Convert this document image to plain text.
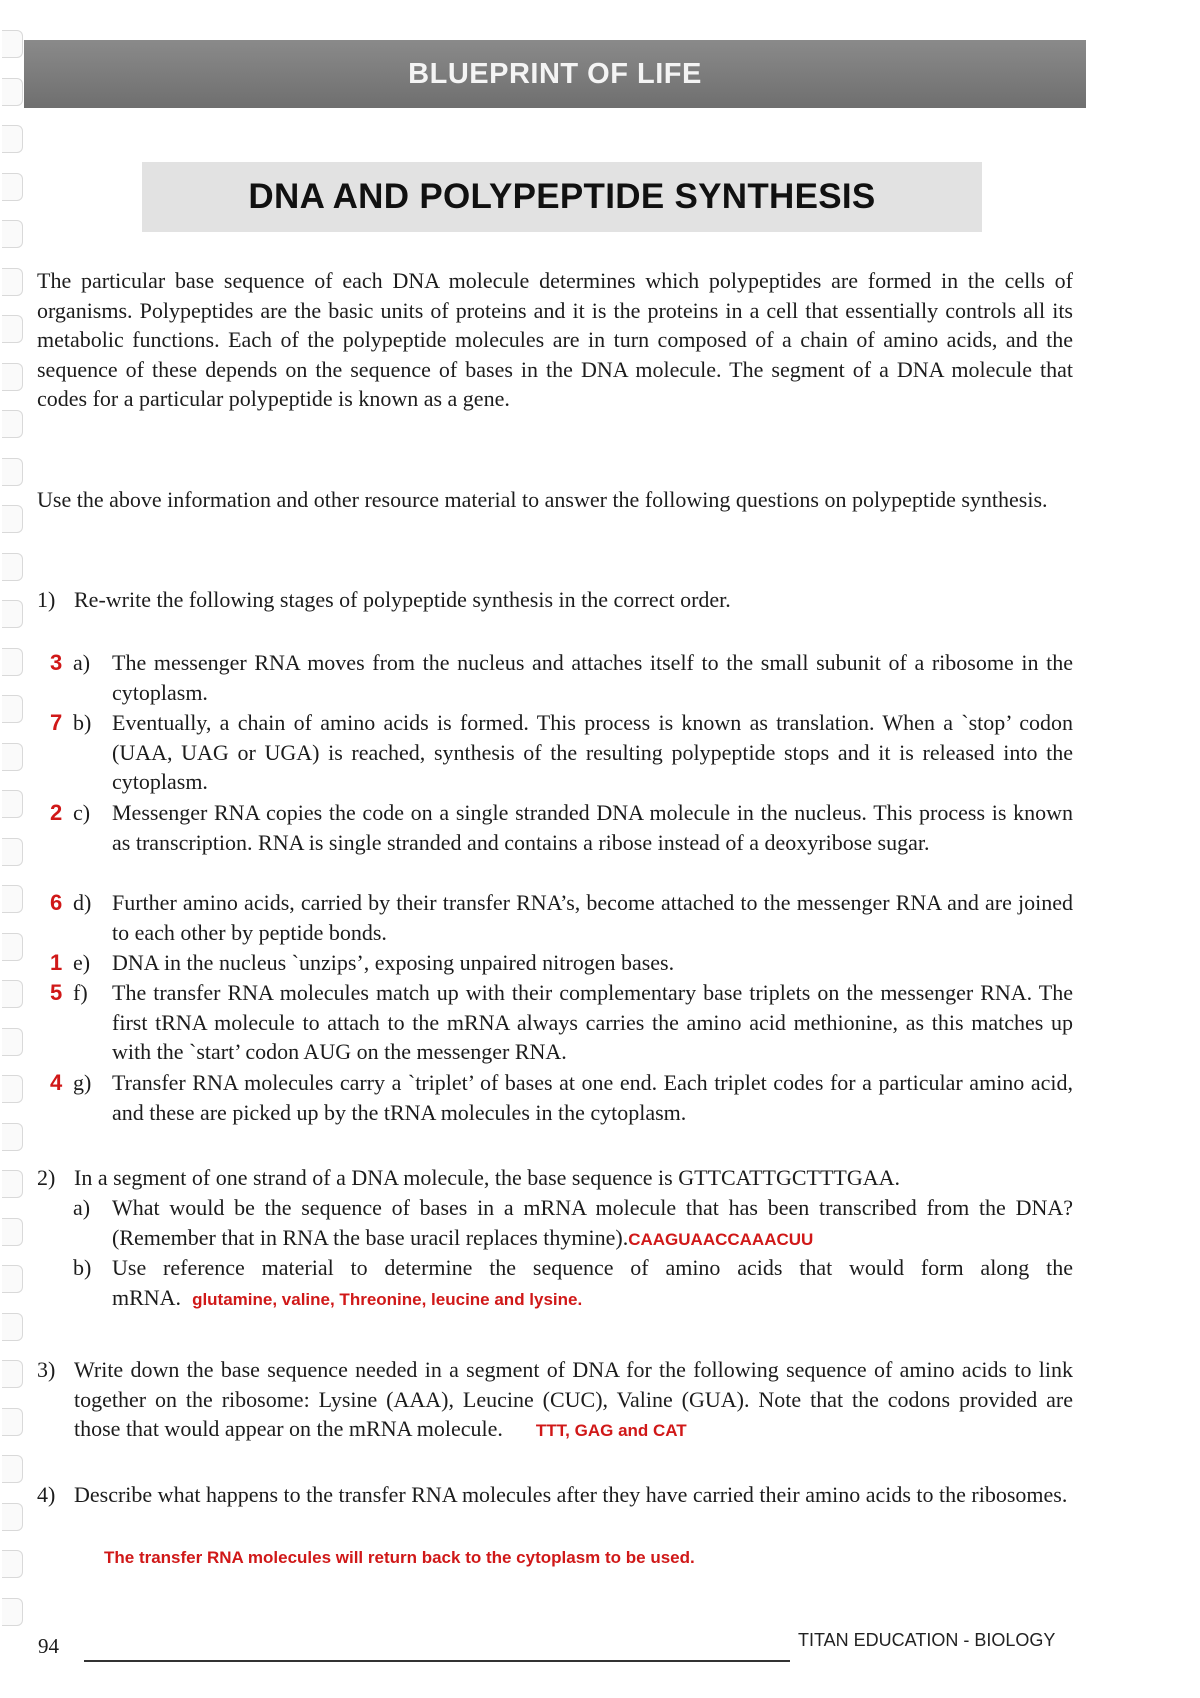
BLUEPRINT OF LIFE
DNA AND POLYPEPTIDE SYNTHESIS

The particular base sequence of each DNA molecule determines which polypeptides are formed in the cells of organisms. Polypeptides are the basic units of proteins and it is the proteins in a cell that essentially controls all its metabolic functions. Each of the polypeptide molecules are in turn composed of a chain of amino acids, and the sequence of these depends on the sequence of bases in the DNA molecule. The segment of a DNA molecule that codes for a particular polypeptide is known as a gene.

Use the above information and other resource material to answer the following questions on polypeptide synthesis.

1) Re-write the following stages of polypeptide synthesis in the correct order.
3 a) The messenger RNA moves from the nucleus and attaches itself to the small subunit of a ribosome in the cytoplasm.
7 b) Eventually, a chain of amino acids is formed. This process is known as translation. When a `stop’ codon (UAA, UAG or UGA) is reached, synthesis of the resulting polypeptide stops and it is released into the cytoplasm.
2 c) Messenger RNA copies the code on a single stranded DNA molecule in the nucleus. This process is known as transcription. RNA is single stranded and contains a ribose instead of a deoxyribose sugar.
6 d) Further amino acids, carried by their transfer RNA’s, become attached to the messenger RNA and are joined to each other by peptide bonds.
1 e) DNA in the nucleus `unzips’, exposing unpaired nitrogen bases.
5 f)	The transfer RNA molecules match up with their complementary base triplets on the messenger RNA. The first tRNA molecule to attach to the mRNA always carries the amino acid methionine, as this matches up with the `start’ codon AUG on the messenger RNA.
4 g) Transfer RNA molecules carry a `triplet’ of bases at one end. Each triplet codes for a particular amino acid, and these are picked up by the tRNA molecules in the cytoplasm.
2) In a segment of one strand of a DNA molecule, the base sequence is GTTCATTGCTTTGAA.
a) What would be the sequence of bases in a mRNA molecule that has been transcribed from the DNA? (Remember that in RNA the base uracil replaces thymine).CAAGUAACCAAACUU
b) Use reference material to determine the sequence of amino acids that would form along the mRNA. glutamine, valine, Threonine, leucine and lysine.
3) Write down the base sequence needed in a segment of DNA for the following sequence of amino acids to link together on the ribosome: Lysine (AAA), Leucine (CUC), Valine (GUA). Note that the codons provided are those that would appear on the mRNA molecule. TTT, GAG and CAT
4) Describe what happens to the transfer RNA molecules after they have carried their amino acids to the ribosomes.
The transfer RNA molecules will return back to the cytoplasm to be used.
94	TITAN EDUCATION - BIOLOGY
